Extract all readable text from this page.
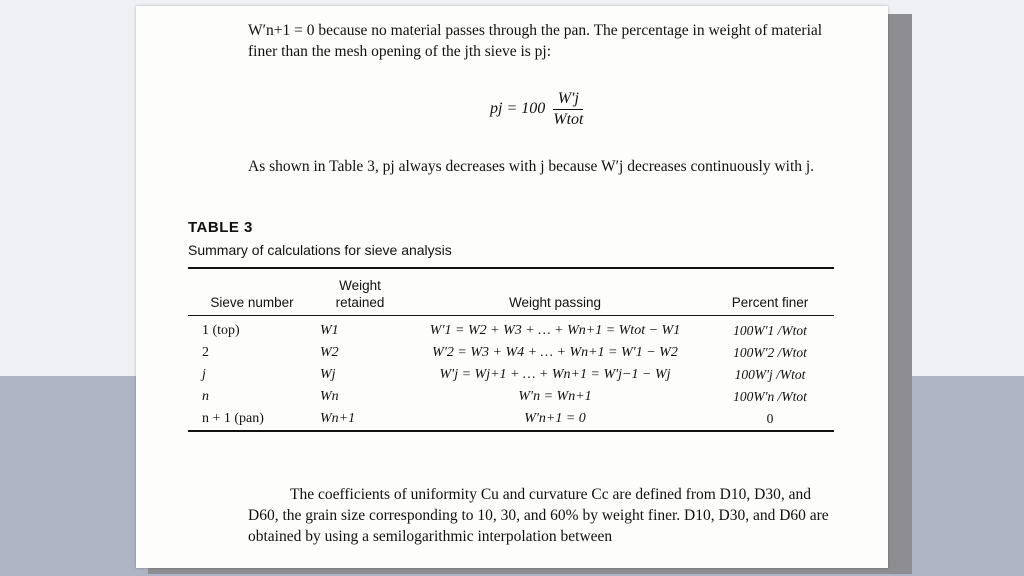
W′n+1 = 0 because no material passes through the pan. The percentage in weight of material finer than the mesh opening of the jth sieve is pj:

pj = $100 \frac{W'j}{\text{Wtot}}$

As shown in Table 3, pj always decreases with j because W′j decreases continuously with j.

TABLE 3
Summary of calculations for sieve analysis
Sieve number	Weight retained	Weight passing	Percent finer
1 (top)	W1	W′1 = W2 + W3 + … + Wn+1 = Wtot − W1	100W′1 /Wtot
2	W2	W′2 = W3 + W4 + … + Wn+1 = W′1 − W2	100W′2 /Wtot
j	Wj	W′j = Wj+1 + … + Wn+1 = W′j−1 − Wj	100W′j /Wtot
n	Wn	W′n = Wn+1	100W′n /Wtot
n + 1 (pan)	Wn+1	W′n+1 = 0	0

The coefficients of uniformity Cu and curvature Cc are defined from D10, D30, and D60, the grain size corresponding to 10, 30, and 60% by weight finer. D10, D30, and D60 are obtained by using a semilogarithmic interpolation between
